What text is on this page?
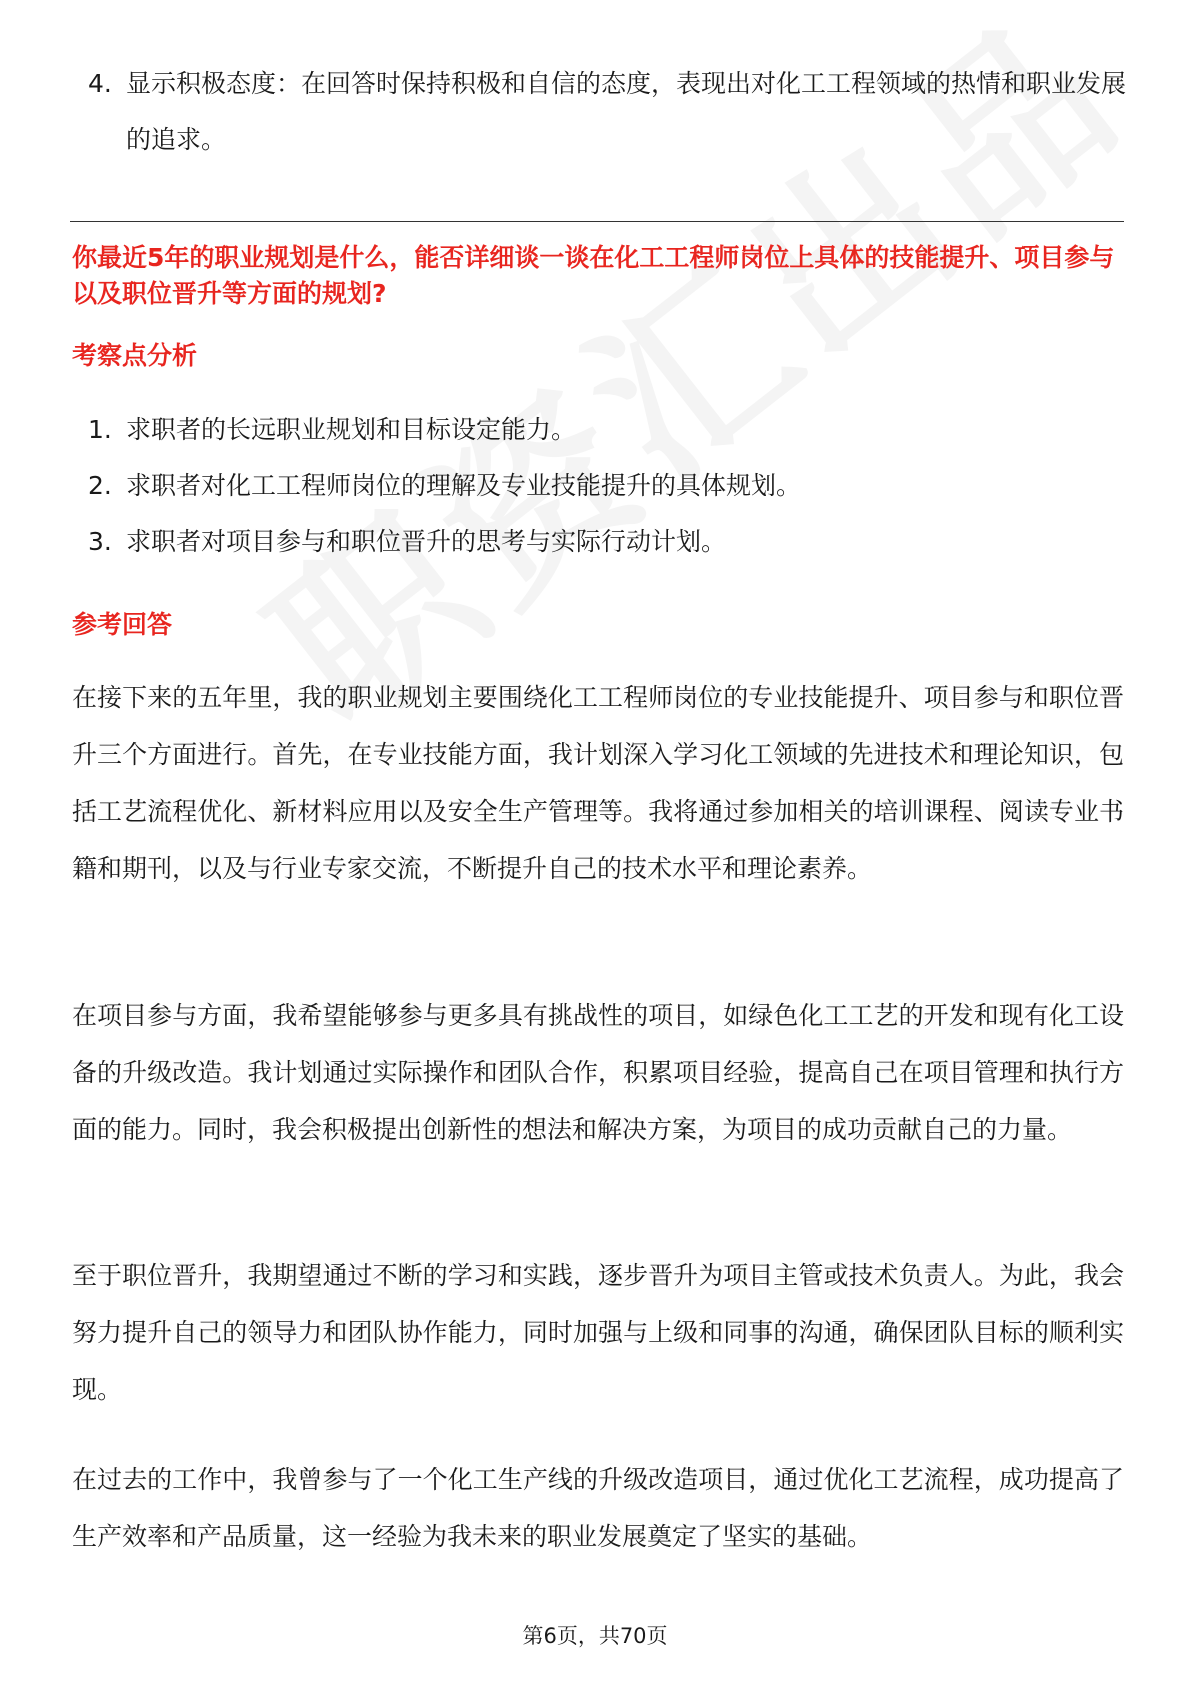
4. 显示积极态度：在回答时保持积极和自信的态度，表现出对化工工程领域的热情和职业发展的追求。
你最近5年的职业规划是什么，能否详细谈一谈在化工工程师岗位上具体的技能提升、项目参与以及职位晋升等方面的规划?
考察点分析
1. 求职者的长远职业规划和目标设定能力。
2. 求职者对化工工程师岗位的理解及专业技能提升的具体规划。
3. 求职者对项目参与和职位晋升的思考与实际行动计划。
参考回答

在接下来的五年里，我的职业规划主要围绕化工工程师岗位的专业技能提升、项目参与和职位晋升三个方面进行。首先，在专业技能方面，我计划深入学习化工领域的先进技术和理论知识，包括工艺流程优化、新材料应用以及安全生产管理等。我将通过参加相关的培训课程、阅读专业书籍和期刊，以及与行业专家交流，不断提升自己的技术水平和理论素养。

在项目参与方面，我希望能够参与更多具有挑战性的项目，如绿色化工工艺的开发和现有化工设备的升级改造。我计划通过实际操作和团队合作，积累项目经验，提高自己在项目管理和执行方面的能力。同时，我会积极提出创新性的想法和解决方案，为项目的成功贡献自己的力量。

至于职位晋升，我期望通过不断的学习和实践，逐步晋升为项目主管或技术负责人。为此，我会努力提升自己的领导力和团队协作能力，同时加强与上级和同事的沟通，确保团队目标的顺利实现。

在过去的工作中，我曾参与了一个化工生产线的升级改造项目，通过优化工艺流程，成功提高了生产效率和产品质量，这一经验为我未来的职业发展奠定了坚实的基础。

第6页，共70页
